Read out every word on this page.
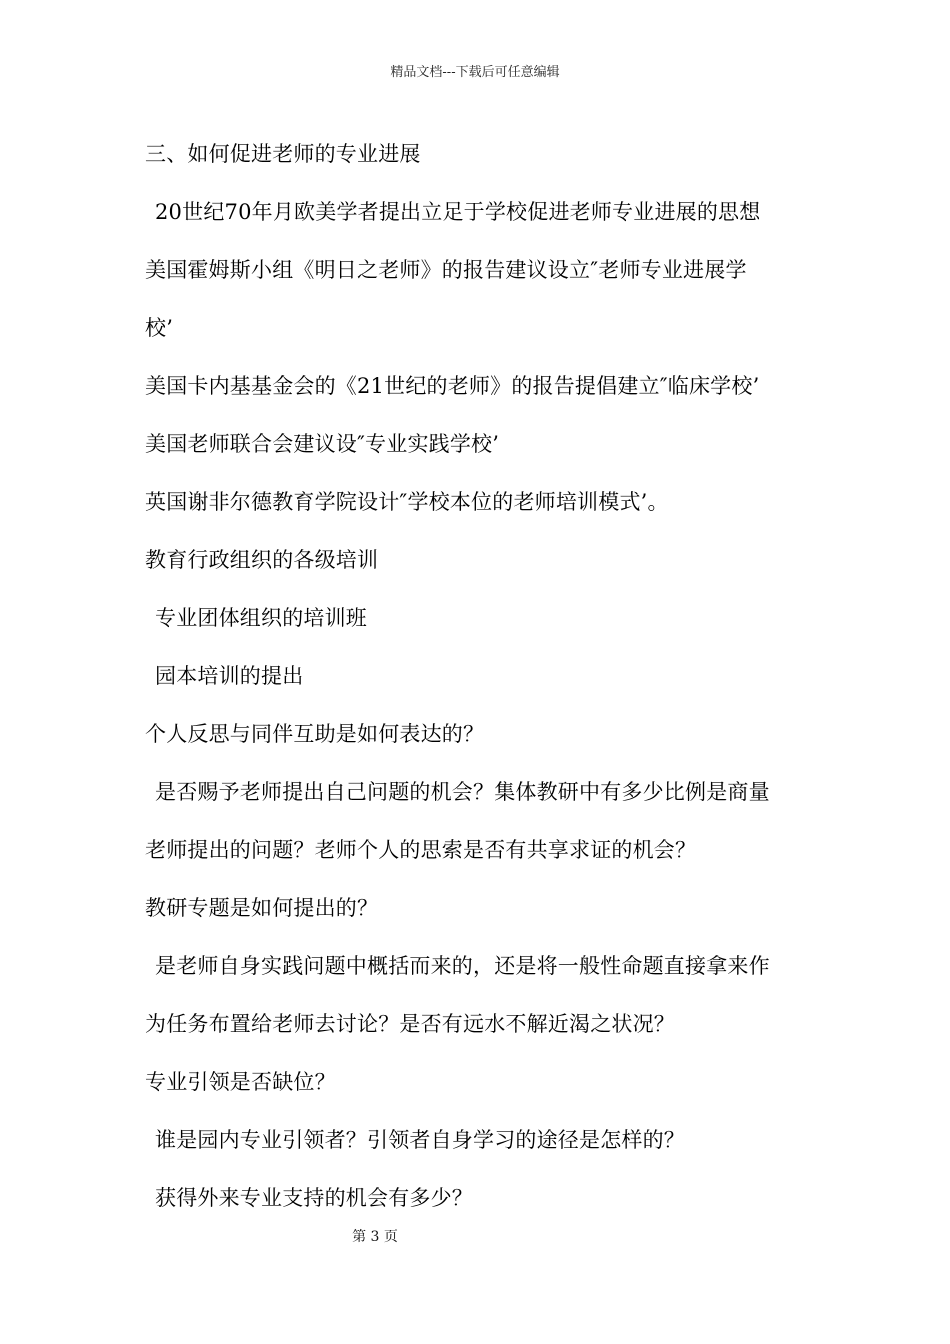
精品文档---下载后可任意编辑
三、如何促进老师的专业进展
20世纪70年月欧美学者提出立足于学校促进老师专业进展的思想
美国霍姆斯小组《明日之老师》的报告建议设立″老师专业进展学
校’
美国卡内基基金会的《21世纪的老师》的报告提倡建立″临床学校’
美国老师联合会建议设″专业实践学校’
英国谢非尔德教育学院设计″学校本位的老师培训模式’。
教育行政组织的各级培训
专业团体组织的培训班
园本培训的提出
个人反思与同伴互助是如何表达的？
是否赐予老师提出自己问题的机会？集体教研中有多少比例是商量
老师提出的问题？老师个人的思索是否有共享求证的机会？
教研专题是如何提出的？
是老师自身实践问题中概括而来的，还是将一般性命题直接拿来作
为任务布置给老师去讨论？是否有远水不解近渴之状况？
专业引领是否缺位？
谁是园内专业引领者？引领者自身学习的途径是怎样的？
获得外来专业支持的机会有多少？
第 3 页
